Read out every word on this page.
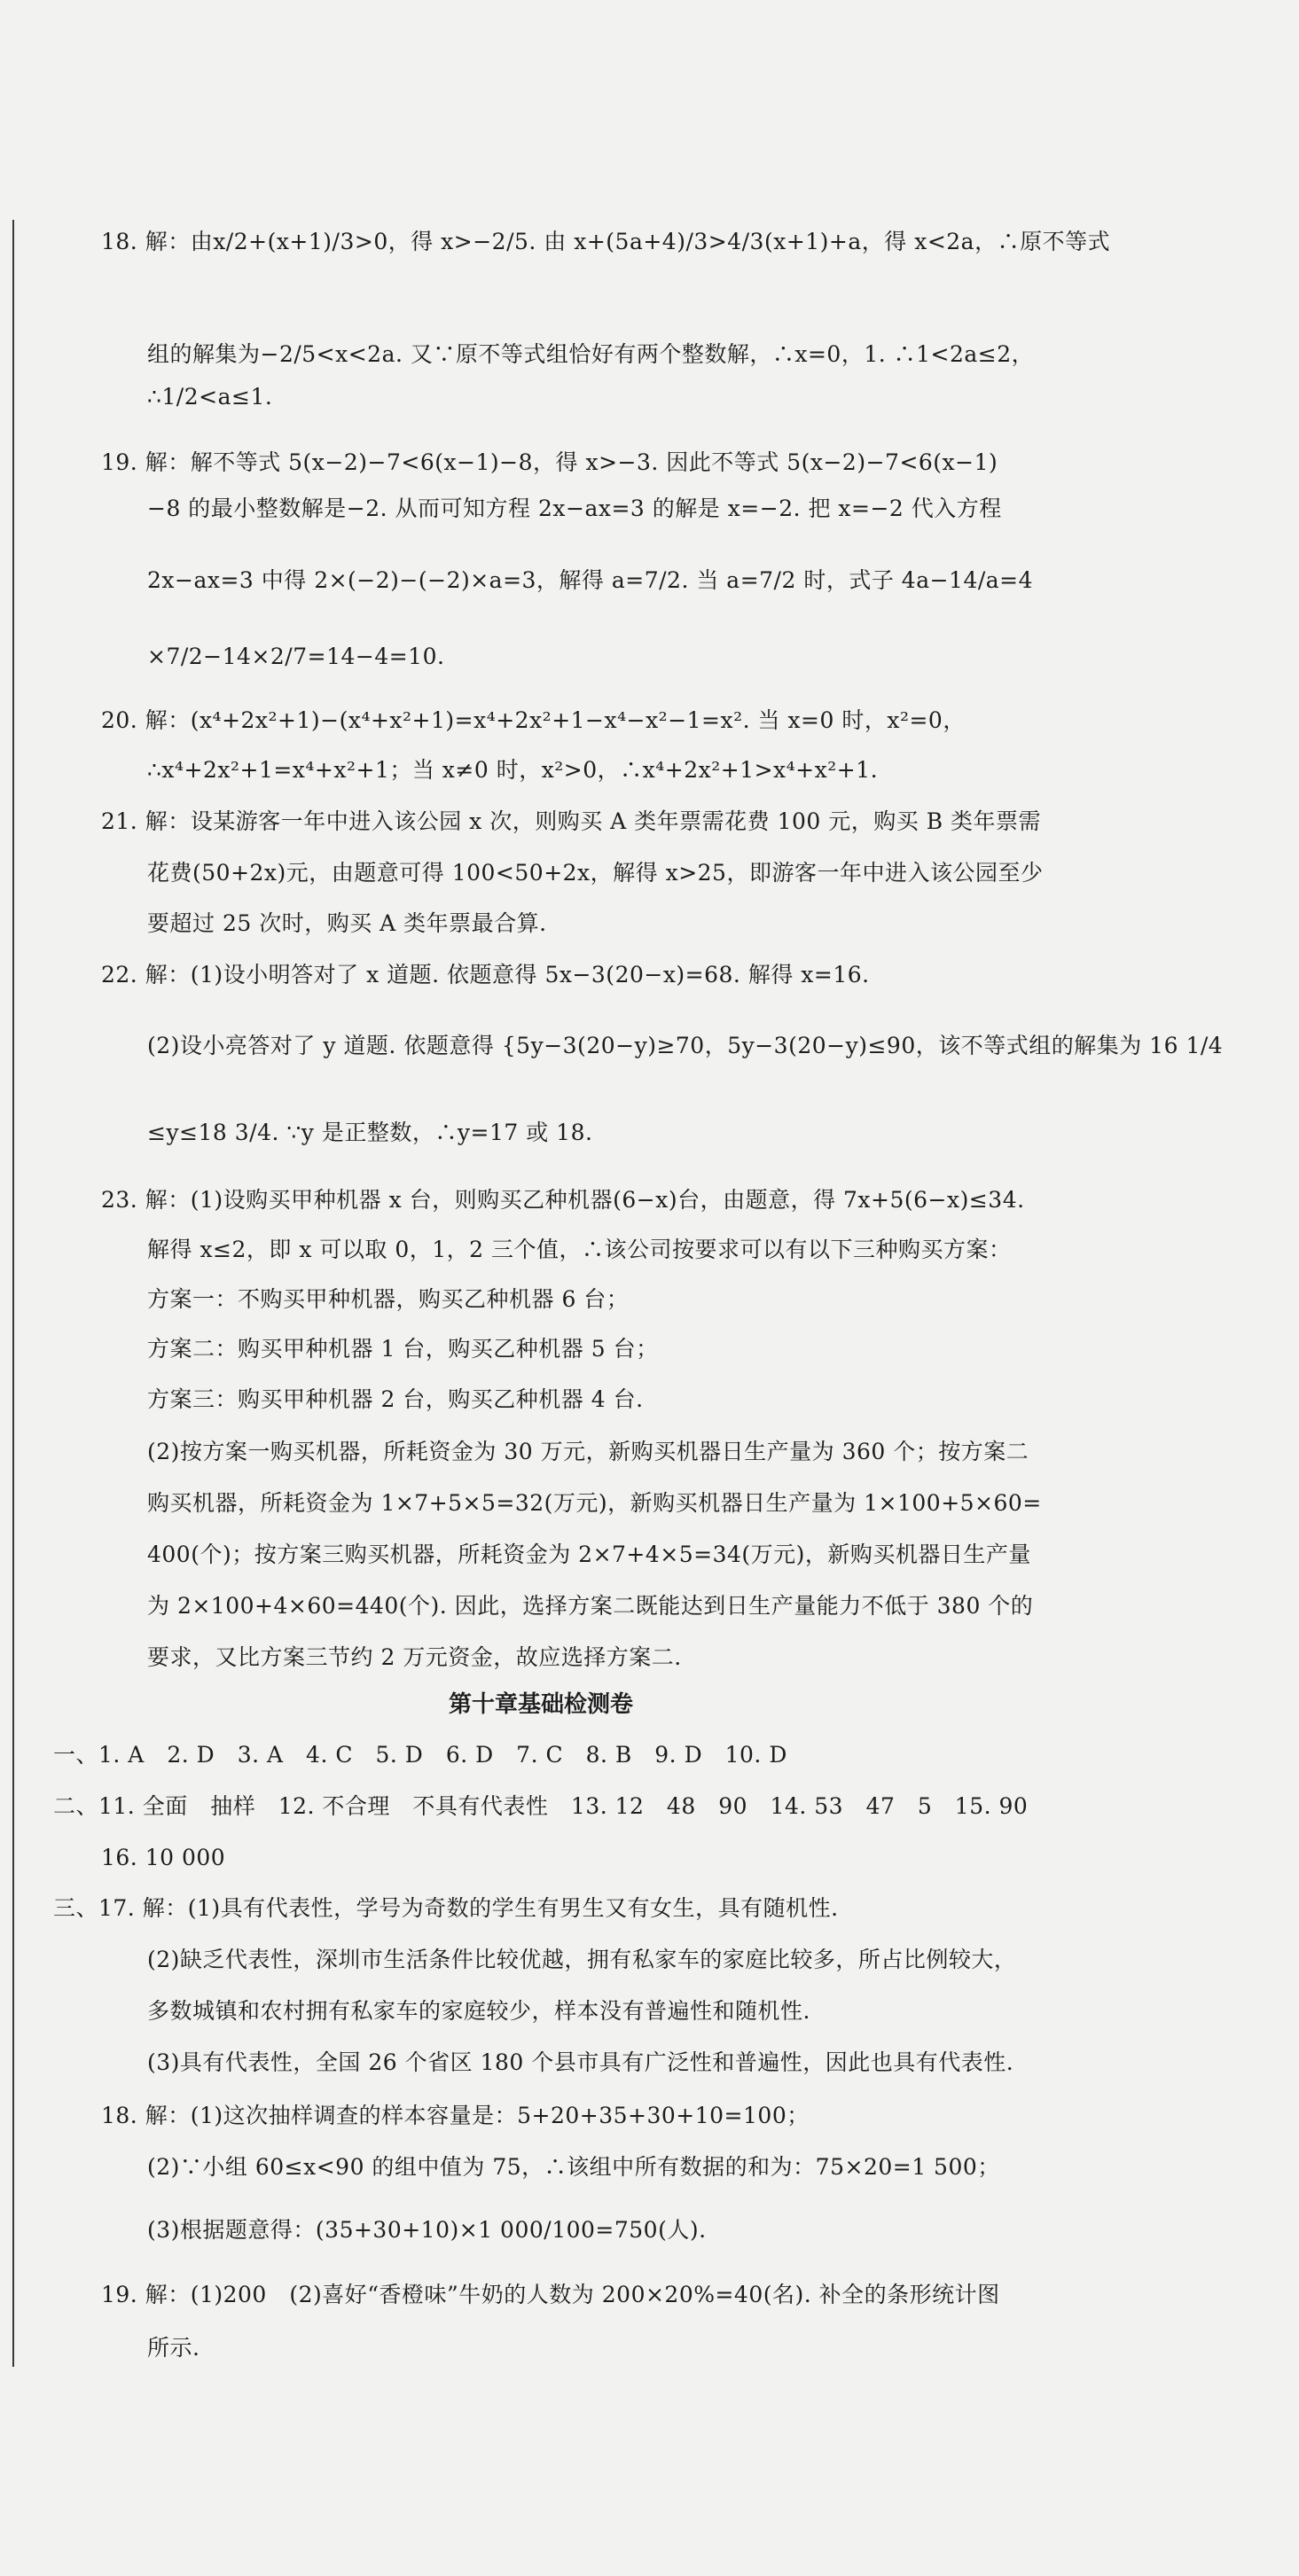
18. 解：由x/2+(x+1)/3>0，得 x>−2/5. 由 x+(5a+4)/3>4/3(x+1)+a，得 x<2a，∴原不等式
组的解集为−2/5<x<2a. 又∵原不等式组恰好有两个整数解，∴x=0，1. ∴1<2a≤2，
∴1/2<a≤1.
19. 解：解不等式 5(x−2)−7<6(x−1)−8，得 x>−3. 因此不等式 5(x−2)−7<6(x−1)
−8 的最小整数解是−2. 从而可知方程 2x−ax=3 的解是 x=−2. 把 x=−2 代入方程
2x−ax=3 中得 2×(−2)−(−2)×a=3，解得 a=7/2. 当 a=7/2 时，式子 4a−14/a=4
×7/2−14×2/7=14−4=10.
20. 解：(x⁴+2x²+1)−(x⁴+x²+1)=x⁴+2x²+1−x⁴−x²−1=x². 当 x=0 时，x²=0，
∴x⁴+2x²+1=x⁴+x²+1；当 x≠0 时，x²>0，∴x⁴+2x²+1>x⁴+x²+1.
21. 解：设某游客一年中进入该公园 x 次，则购买 A 类年票需花费 100 元，购买 B 类年票需
花费(50+2x)元，由题意可得 100<50+2x，解得 x>25，即游客一年中进入该公园至少
要超过 25 次时，购买 A 类年票最合算.
22. 解：(1)设小明答对了 x 道题. 依题意得 5x−3(20−x)=68. 解得 x=16.
(2)设小亮答对了 y 道题. 依题意得 {5y−3(20−y)≥70，5y−3(20−y)≤90，该不等式组的解集为 16 1/4
≤y≤18 3/4. ∵y 是正整数，∴y=17 或 18.
23. 解：(1)设购买甲种机器 x 台，则购买乙种机器(6−x)台，由题意，得 7x+5(6−x)≤34.
解得 x≤2，即 x 可以取 0，1，2 三个值，∴该公司按要求可以有以下三种购买方案：
方案一：不购买甲种机器，购买乙种机器 6 台；
方案二：购买甲种机器 1 台，购买乙种机器 5 台；
方案三：购买甲种机器 2 台，购买乙种机器 4 台.
(2)按方案一购买机器，所耗资金为 30 万元，新购买机器日生产量为 360 个；按方案二
购买机器，所耗资金为 1×7+5×5=32(万元)，新购买机器日生产量为 1×100+5×60=
400(个)；按方案三购买机器，所耗资金为 2×7+4×5=34(万元)，新购买机器日生产量
为 2×100+4×60=440(个). 因此，选择方案二既能达到日生产量能力不低于 380 个的
要求，又比方案三节约 2 万元资金，故应选择方案二.
第十章基础检测卷
一、1. A　2. D　3. A　4. C　5. D　6. D　7. C　8. B　9. D　10. D
二、11. 全面　抽样　12. 不合理　不具有代表性　13. 12　48　90　14. 53　47　5　15. 90
16. 10 000
三、17. 解：(1)具有代表性，学号为奇数的学生有男生又有女生，具有随机性.
(2)缺乏代表性，深圳市生活条件比较优越，拥有私家车的家庭比较多，所占比例较大，
多数城镇和农村拥有私家车的家庭较少，样本没有普遍性和随机性.
(3)具有代表性，全国 26 个省区 180 个县市具有广泛性和普遍性，因此也具有代表性.
18. 解：(1)这次抽样调查的样本容量是：5+20+35+30+10=100；
(2)∵小组 60≤x<90 的组中值为 75，∴该组中所有数据的和为：75×20=1 500；
(3)根据题意得：(35+30+10)×1 000/100=750(人).
19. 解：(1)200　(2)喜好“香橙味”牛奶的人数为 200×20%=40(名). 补全的条形统计图
所示.
